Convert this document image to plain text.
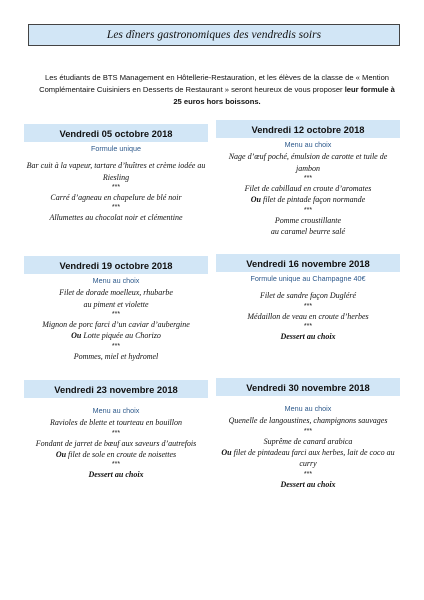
Les dîners gastronomiques des vendredis soirs
Les étudiants de BTS Management en Hôtellerie-Restauration, et les élèves de la classe de « Mention
Complémentaire Cuisiniers en Desserts de Restaurant » seront heureux de vous proposer leur formule à
25 euros hors boissons.
Vendredi 05 octobre 2018
Formule unique
Bar cuit à la vapeur, tartare d’huîtres et crème iodée au Riesling
***
Carré d’agneau en chapelure de blé noir
***
Allumettes au chocolat noir et clémentine
Vendredi 12 octobre 2018
Menu au choix
Nage d’œuf poché, émulsion de carotte et tuile de jambon
***
Filet de cabillaud en croute d’aromates
Ou filet de pintade façon normande
***
Pomme croustillante
au caramel beurre salé
Vendredi 19 octobre 2018
Menu au choix
Filet de dorade moelleux, rhubarbe
au piment et violette
***
Mignon de porc farci d’un caviar d’aubergine
Ou Lotte piquée au Chorizo
***
Pommes, miel et hydromel
Vendredi 16 novembre 2018
Formule unique au Champagne 40€
Filet de sandre façon Dugléré
***
Médaillon de veau en croute d’herbes
***
Dessert au choix
Vendredi 23 novembre 2018
Menu au choix
Ravioles de blette et tourteau en bouillon
***
Fondant de jarret de bœuf aux saveurs d’autrefois
Ou filet de sole en croute de noisettes
***
Dessert au choix
Vendredi 30 novembre 2018
Menu au choix
Quenelle de langoustines, champignons sauvages
***
Suprême de canard arabica
Ou filet de pintadeau farci aux herbes, lait de coco au curry
***
Dessert au choix
